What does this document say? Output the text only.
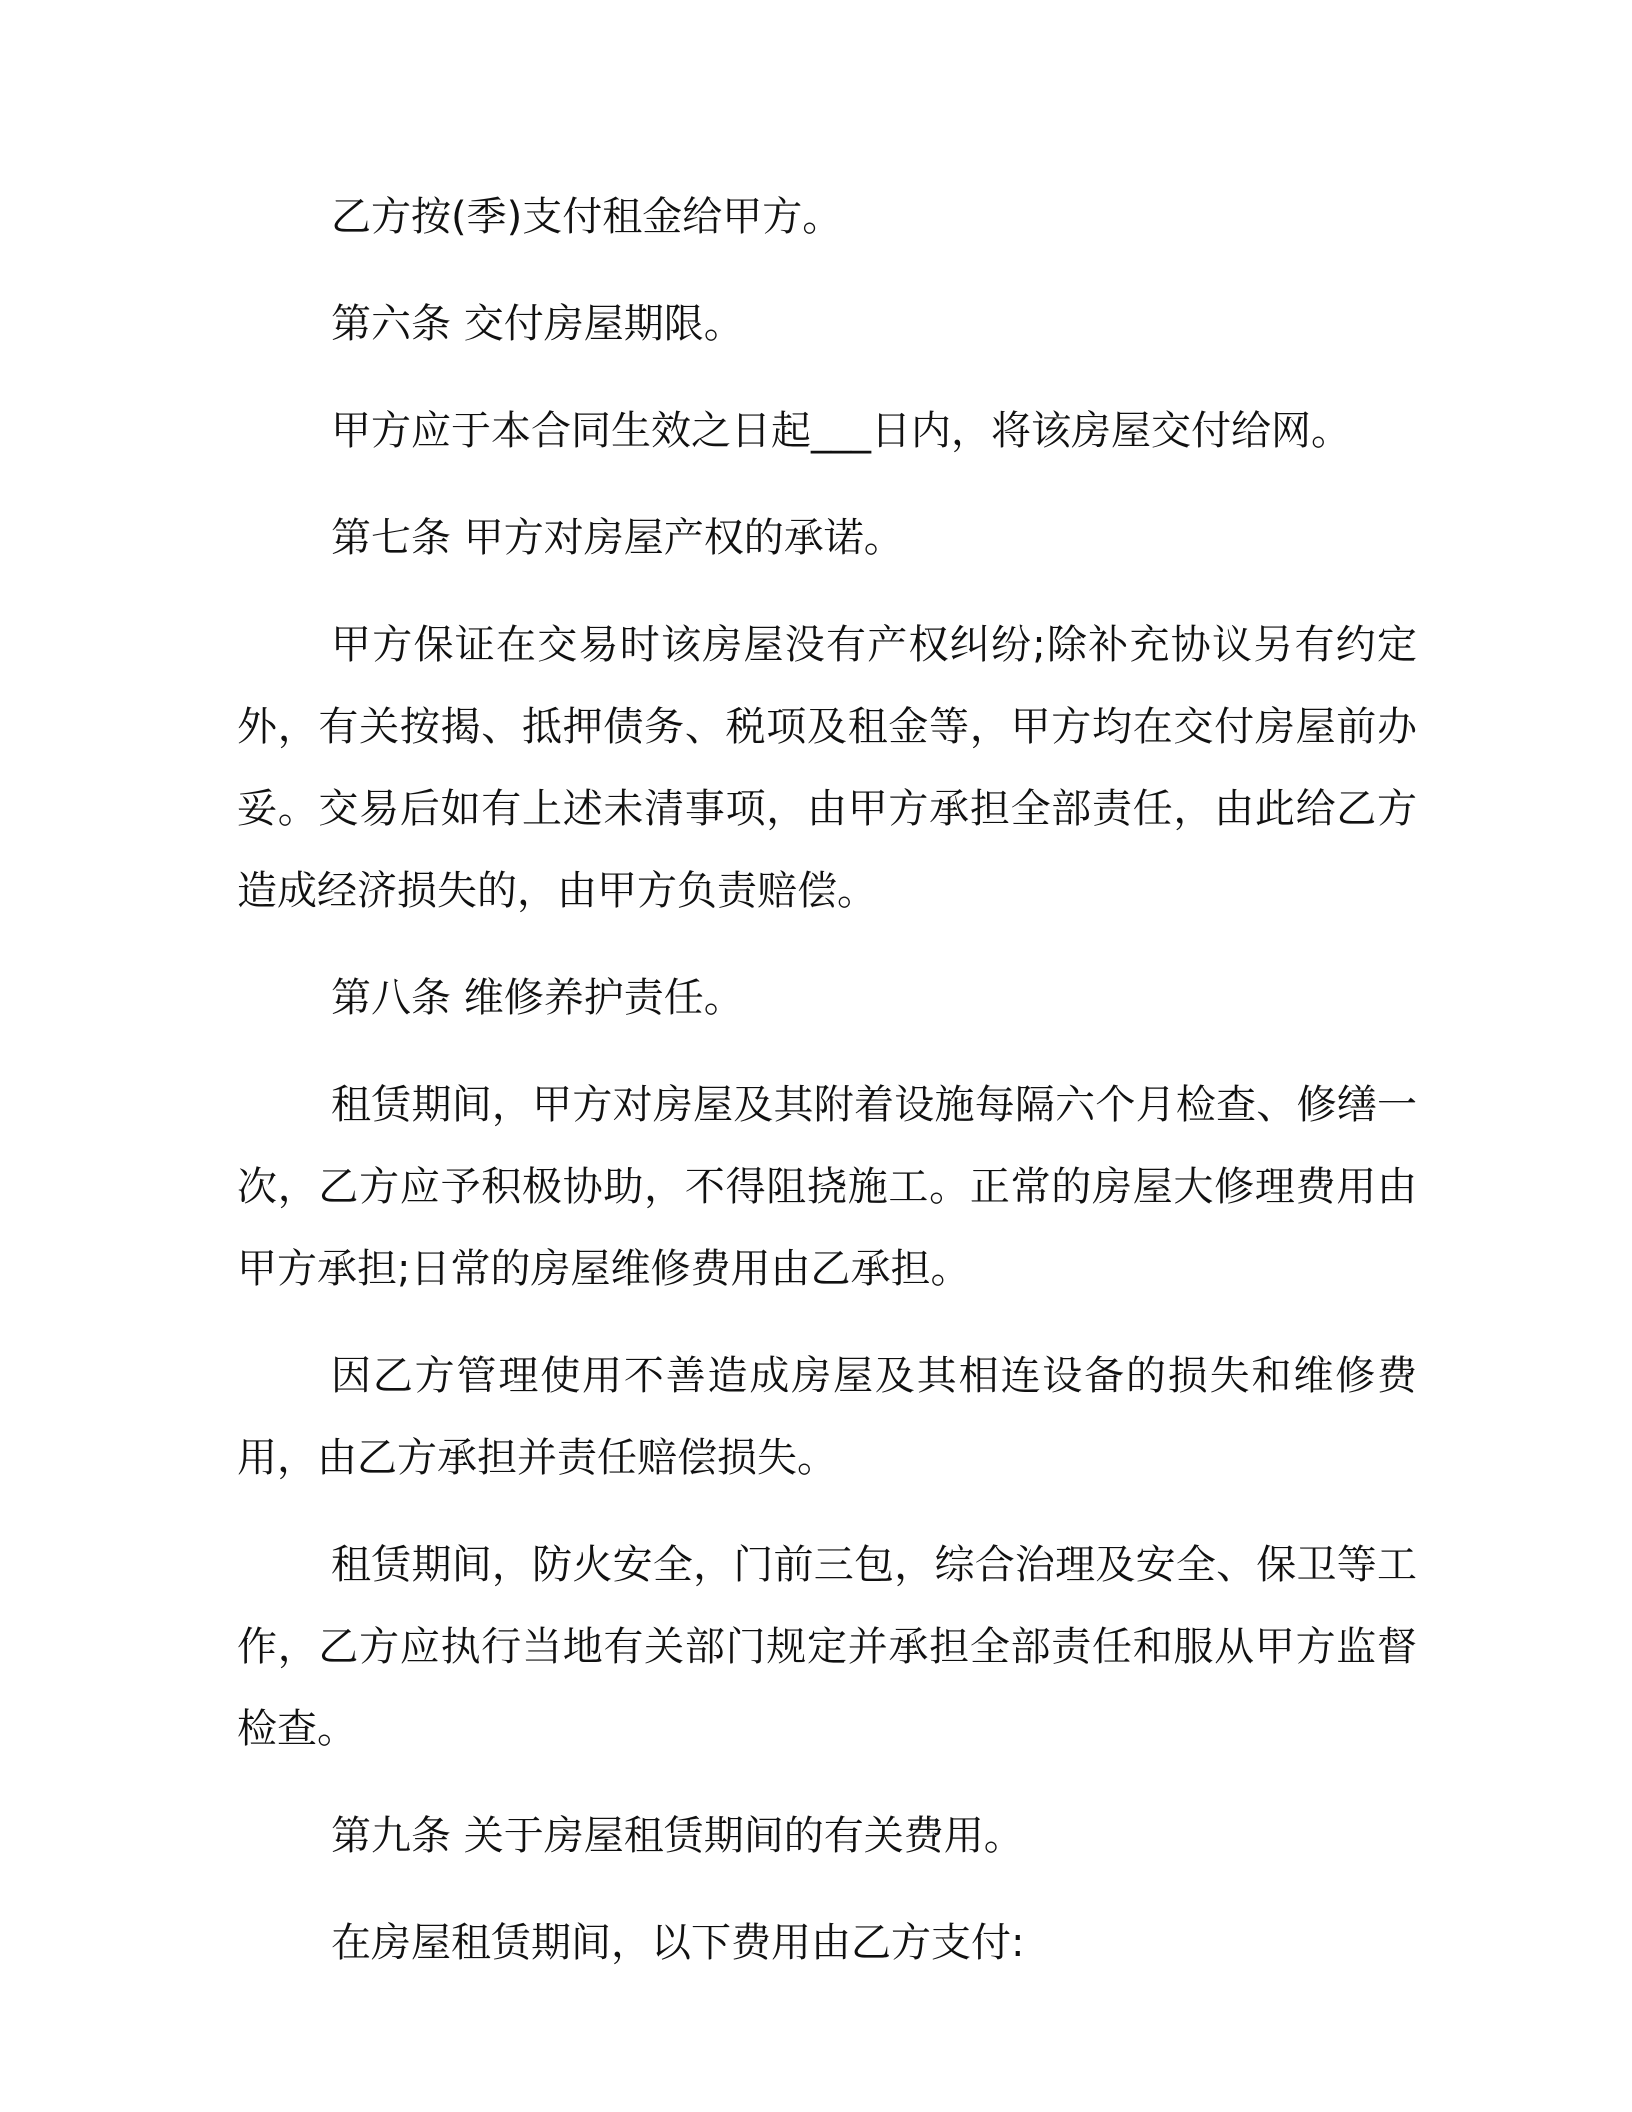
乙方按(季)支付租金给甲方。

第六条 交付房屋期限。

甲方应于本合同生效之日起___日内，将该房屋交付给网。

第七条 甲方对房屋产权的承诺。

甲方保证在交易时该房屋没有产权纠纷;除补充协议另有约定外，有关按揭、抵押债务、税项及租金等，甲方均在交付房屋前办妥。交易后如有上述未清事项，由甲方承担全部责任，由此给乙方造成经济损失的，由甲方负责赔偿。

第八条 维修养护责任。

租赁期间，甲方对房屋及其附着设施每隔六个月检查、修缮一次，乙方应予积极协助，不得阻挠施工。正常的房屋大修理费用由甲方承担;日常的房屋维修费用由乙承担。

因乙方管理使用不善造成房屋及其相连设备的损失和维修费用，由乙方承担并责任赔偿损失。

租赁期间，防火安全，门前三包，综合治理及安全、保卫等工作，乙方应执行当地有关部门规定并承担全部责任和服从甲方监督检查。

第九条 关于房屋租赁期间的有关费用。

在房屋租赁期间，以下费用由乙方支付:
